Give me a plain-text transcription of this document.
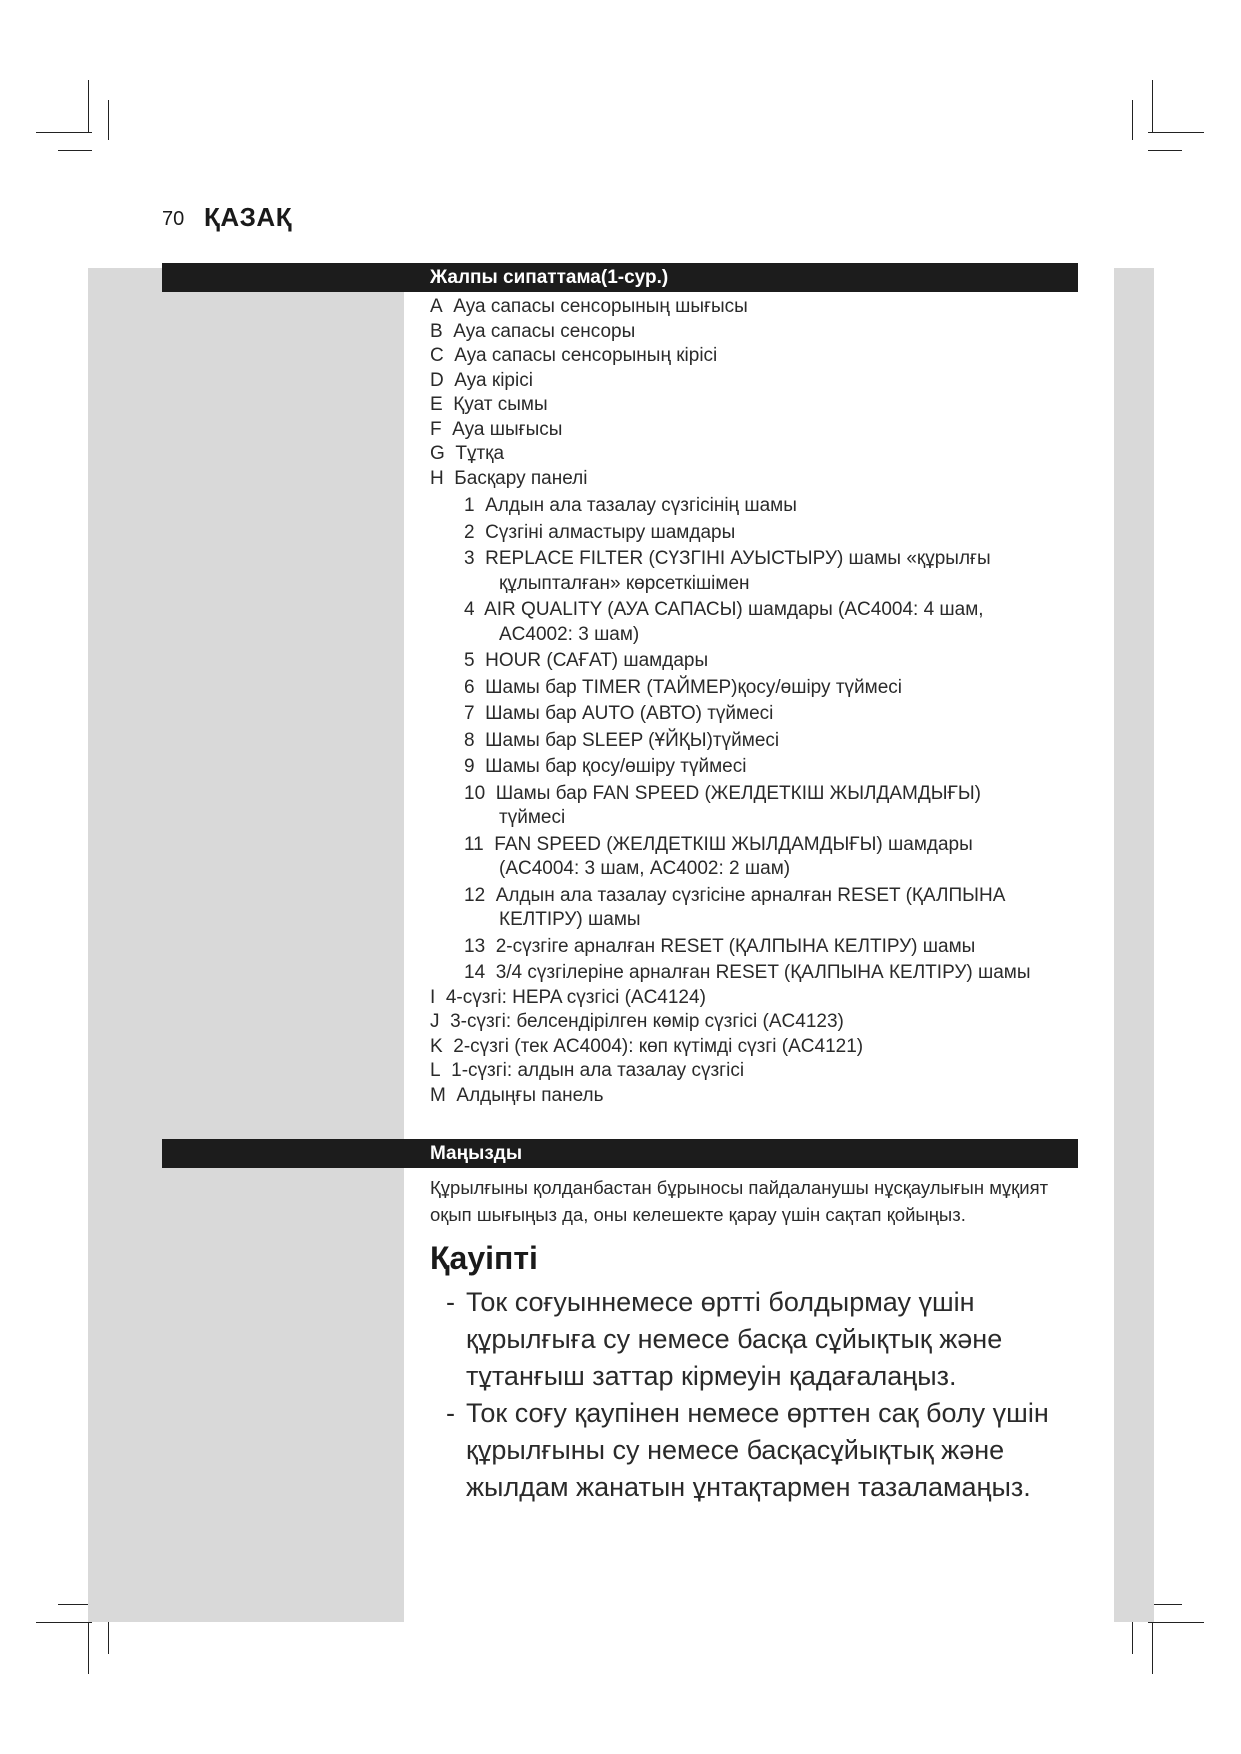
70 ҚАЗАҚ
Жалпы сипаттама(1-сур.)

A Ауа сапасы сенсорының шығысы

B Ауа сапасы сенсоры

C Ауа сапасы сенсорының кірісі

D Ауа кірісі

E Қуат сымы

F Ауа шығысы

G Тұтқа

H Басқару панелі

1 Алдын ала тазалау сүзгісінің шамы

2 Сүзгіні алмастыру шамдары

3 REPLACE FILTER (СҮЗГІНІ АУЫСТЫРУ) шамы «құрылғы
құлыпталған» көрсеткішімен

4 AIR QUALITY (АУА САПАСЫ) шамдары (AC4004: 4 шам,
AC4002: 3 шам)

5 HOUR (САҒАТ) шамдары

6 Шамы бар TIMER (ТАЙМЕР)қосу/өшіру түймесі

7 Шамы бар AUTO (АВТО) түймесі

8 Шамы бар SLEEP (ҰЙҚЫ)түймесі

9 Шамы бар қосу/өшіру түймесі

10 Шамы бар FAN SPEED (ЖЕЛДЕТКІШ ЖЫЛДАМДЫҒЫ)
түймесі

11 FAN SPEED (ЖЕЛДЕТКІШ ЖЫЛДАМДЫҒЫ) шамдары
(AC4004: 3 шам, AC4002: 2 шам)

12 Алдын ала тазалау сүзгісіне арналған RESET (ҚАЛПЫНА
КЕЛТІРУ) шамы

13 2-сүзгіге арналған RESET (ҚАЛПЫНА КЕЛТІРУ) шамы

14 3/4 сүзгілеріне арналған RESET (ҚАЛПЫНА КЕЛТІРУ) шамы

I 4-сүзгі: HEPA сүзгісі (AC4124)

J 3-сүзгі: белсендірілген көмір сүзгісі (AC4123)

K 2-сүзгі (тек AC4004): көп күтімді сүзгі (AC4121)

L 1-сүзгі: алдын ала тазалау сүзгісі

M Алдыңғы панель

Маңызды
Құрылғыны қолданбастан бұрыносы пайдаланушы нұсқаулығын мұқият
оқып шығыңыз да, оны келешекте қарау үшін сақтап қойыңыз.
Қауіпті
- Ток соғуыннемесе өртті болдырмау үшін
құрылғыға су немесе басқа сұйықтық және
тұтанғыш заттар кірмеуін қадағалаңыз.
- Ток соғу қаупінен немесе өрттен сақ болу үшін
құрылғыны су немесе басқасұйықтық және
жылдам жанатын ұнтақтармен тазаламаңыз.
